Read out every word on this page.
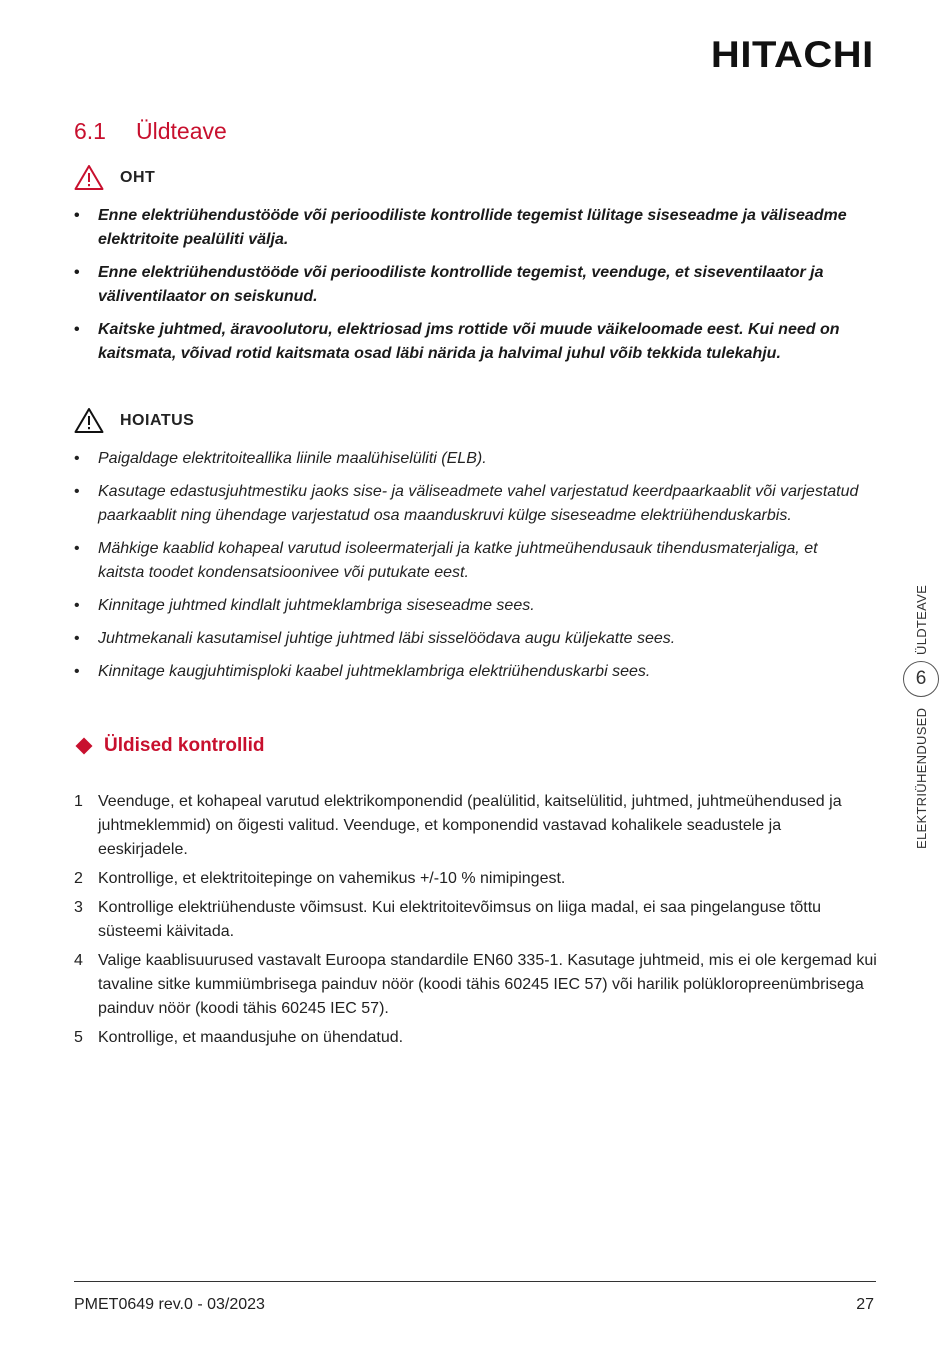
HITACHI
6.1 Üldteave
OHT
• Enne elektriühendustööde või perioodiliste kontrollide tegemist lülitage siseseadme ja väliseadme elektritoite pealüliti välja.
• Enne elektriühendustööde või perioodiliste kontrollide tegemist, veenduge, et siseventilaator ja väliventilaator on seiskunud.
• Kaitske juhtmed, äravoolutoru, elektriosad jms rottide või muude väikeloomade eest. Kui need on kaitsmata, võivad rotid kaitsmata osad läbi närida ja halvimal juhul võib tekkida tulekahju.
HOIATUS
• Paigaldage elektritoiteallika liinile maalühiselüliti (ELB).
• Kasutage edastusjuhtmestiku jaoks sise- ja väliseadmete vahel varjestatud keerdpaarkaablit või varjestatud paarkaablit ning ühendage varjestatud osa maanduskruvi külge siseseadme elektriühenduskarbis.
• Mähkige kaablid kohapeal varutud isoleermaterjali ja katke juhtmeühendusauk tihendusmaterjaliga, et kaitsta toodet kondensatsioonivee või putukate eest.
• Kinnitage juhtmed kindlalt juhtmeklambriga siseseadme sees.
• Juhtmekanali kasutamisel juhtige juhtmed läbi sisselöödava augu küljekatte sees.
• Kinnitage kaugjuhtimisploki kaabel juhtmeklambriga elektriühenduskarbi sees.
Üldised kontrollid
1 Veenduge, et kohapeal varutud elektrikomponendid (pealülitid, kaitselülitid, juhtmed, juhtmeühendused ja juhtmeklemmid) on õigesti valitud. Veenduge, et komponendid vastavad kohalikele seadustele ja eeskirjadele.
2 Kontrollige, et elektritoitepinge on vahemikus +/-10 % nimipingest.
3 Kontrollige elektriühenduste võimsust. Kui elektritoitevõimsus on liiga madal, ei saa pingelanguse tõttu süsteemi käivitada.
4 Valige kaablisuurused vastavalt Euroopa standardile EN60 335-1. Kasutage juhtmeid, mis ei ole kergemad kui tavaline sitke kummiümbrisega painduv nöör (koodi tähis 60245 IEC 57) või harilik polükloropreenümbrisega painduv nöör (koodi tähis 60245 IEC 57).
5 Kontrollige, et maandusjuhe on ühendatud.
ELEKTRIÜHENDUSED
ÜLDTEAVE
6
PMET0649 rev.0 - 03/2023	27
